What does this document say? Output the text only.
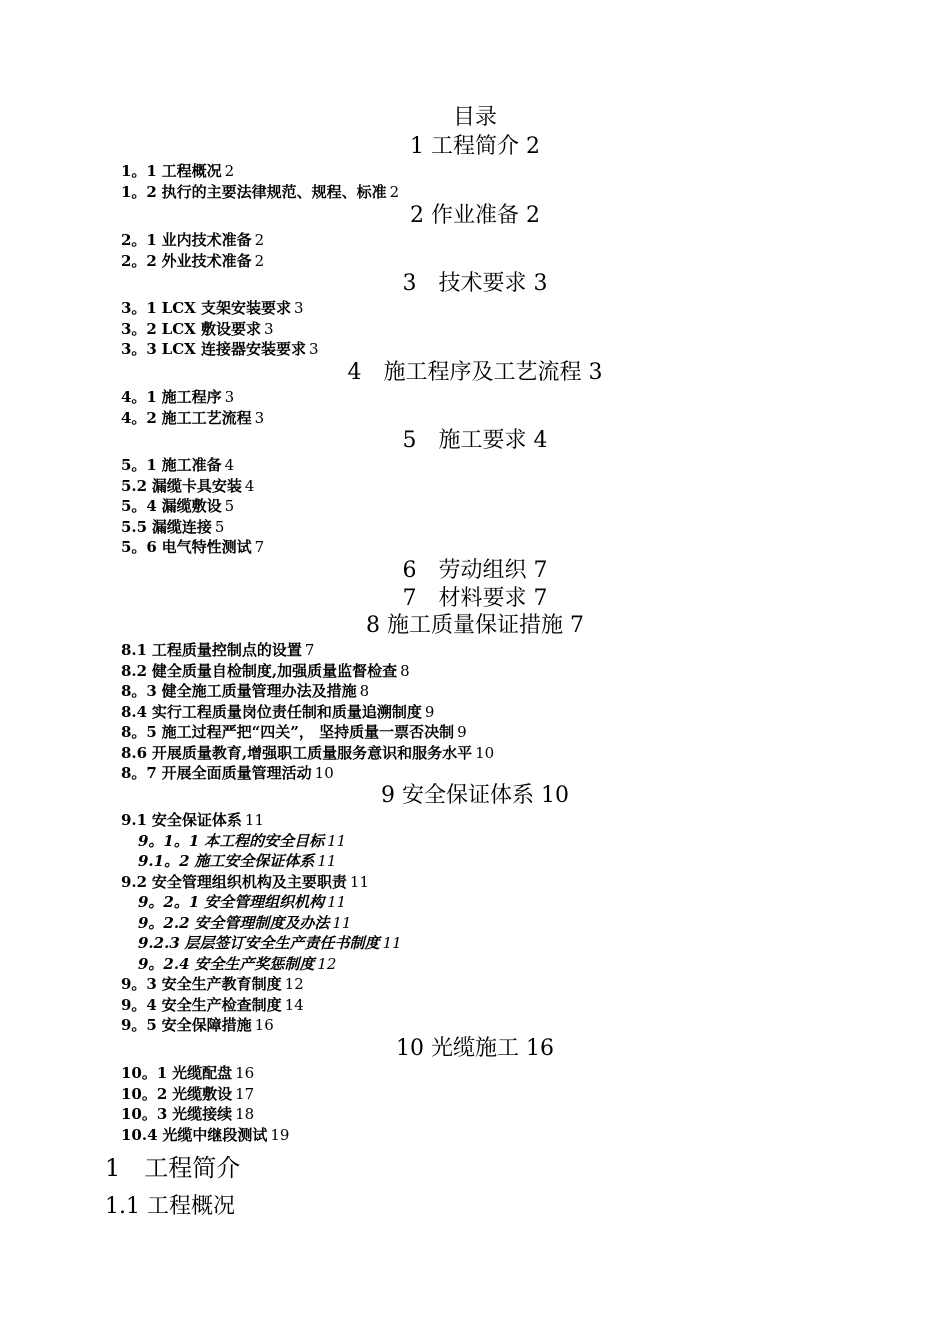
目录
1 工程简介 2
1。1 工程概况 2
1。2 执行的主要法律规范、规程、标准 2
2 作业准备 2
2。1 业内技术准备 2
2。2 外业技术准备 2
3　技术要求 3
3。1 LCX 支架安装要求 3
3。2 LCX 敷设要求 3
3。3 LCX 连接器安装要求 3
4　施工程序及工艺流程 3
4。1 施工程序 3
4。2 施工工艺流程 3
5　施工要求 4
5。1 施工准备 4
5.2 漏缆卡具安装 4
5。4 漏缆敷设 5
5.5 漏缆连接 5
5。6 电气特性测试 7
6　劳动组织 7
7　材料要求 7
8 施工质量保证措施 7
8.1 工程质量控制点的设置 7
8.2 健全质量自检制度,加强质量监督检查 8
8。3 健全施工质量管理办法及措施 8
8.4 实行工程质量岗位责任制和质量追溯制度 9
8。5 施工过程严把“四关”， 坚持质量一票否决制 9
8.6 开展质量教育,增强职工质量服务意识和服务水平 10
8。7 开展全面质量管理活动 10
9 安全保证体系 10
9.1 安全保证体系 11
9。1。1 本工程的安全目标 11
9.1。2 施工安全保证体系 11
9.2 安全管理组织机构及主要职责 11
9。2。1 安全管理组织机构 11
9。2.2 安全管理制度及办法 11
9.2.3 层层签订安全生产责任书制度 11
9。2.4 安全生产奖惩制度 12
9。3 安全生产教育制度 12
9。4 安全生产检查制度 14
9。5 安全保障措施 16
10 光缆施工 16
10。1 光缆配盘 16
10。2 光缆敷设 17
10。3 光缆接续 18
10.4 光缆中继段测试 19
1　工程简介
1.1 工程概况
